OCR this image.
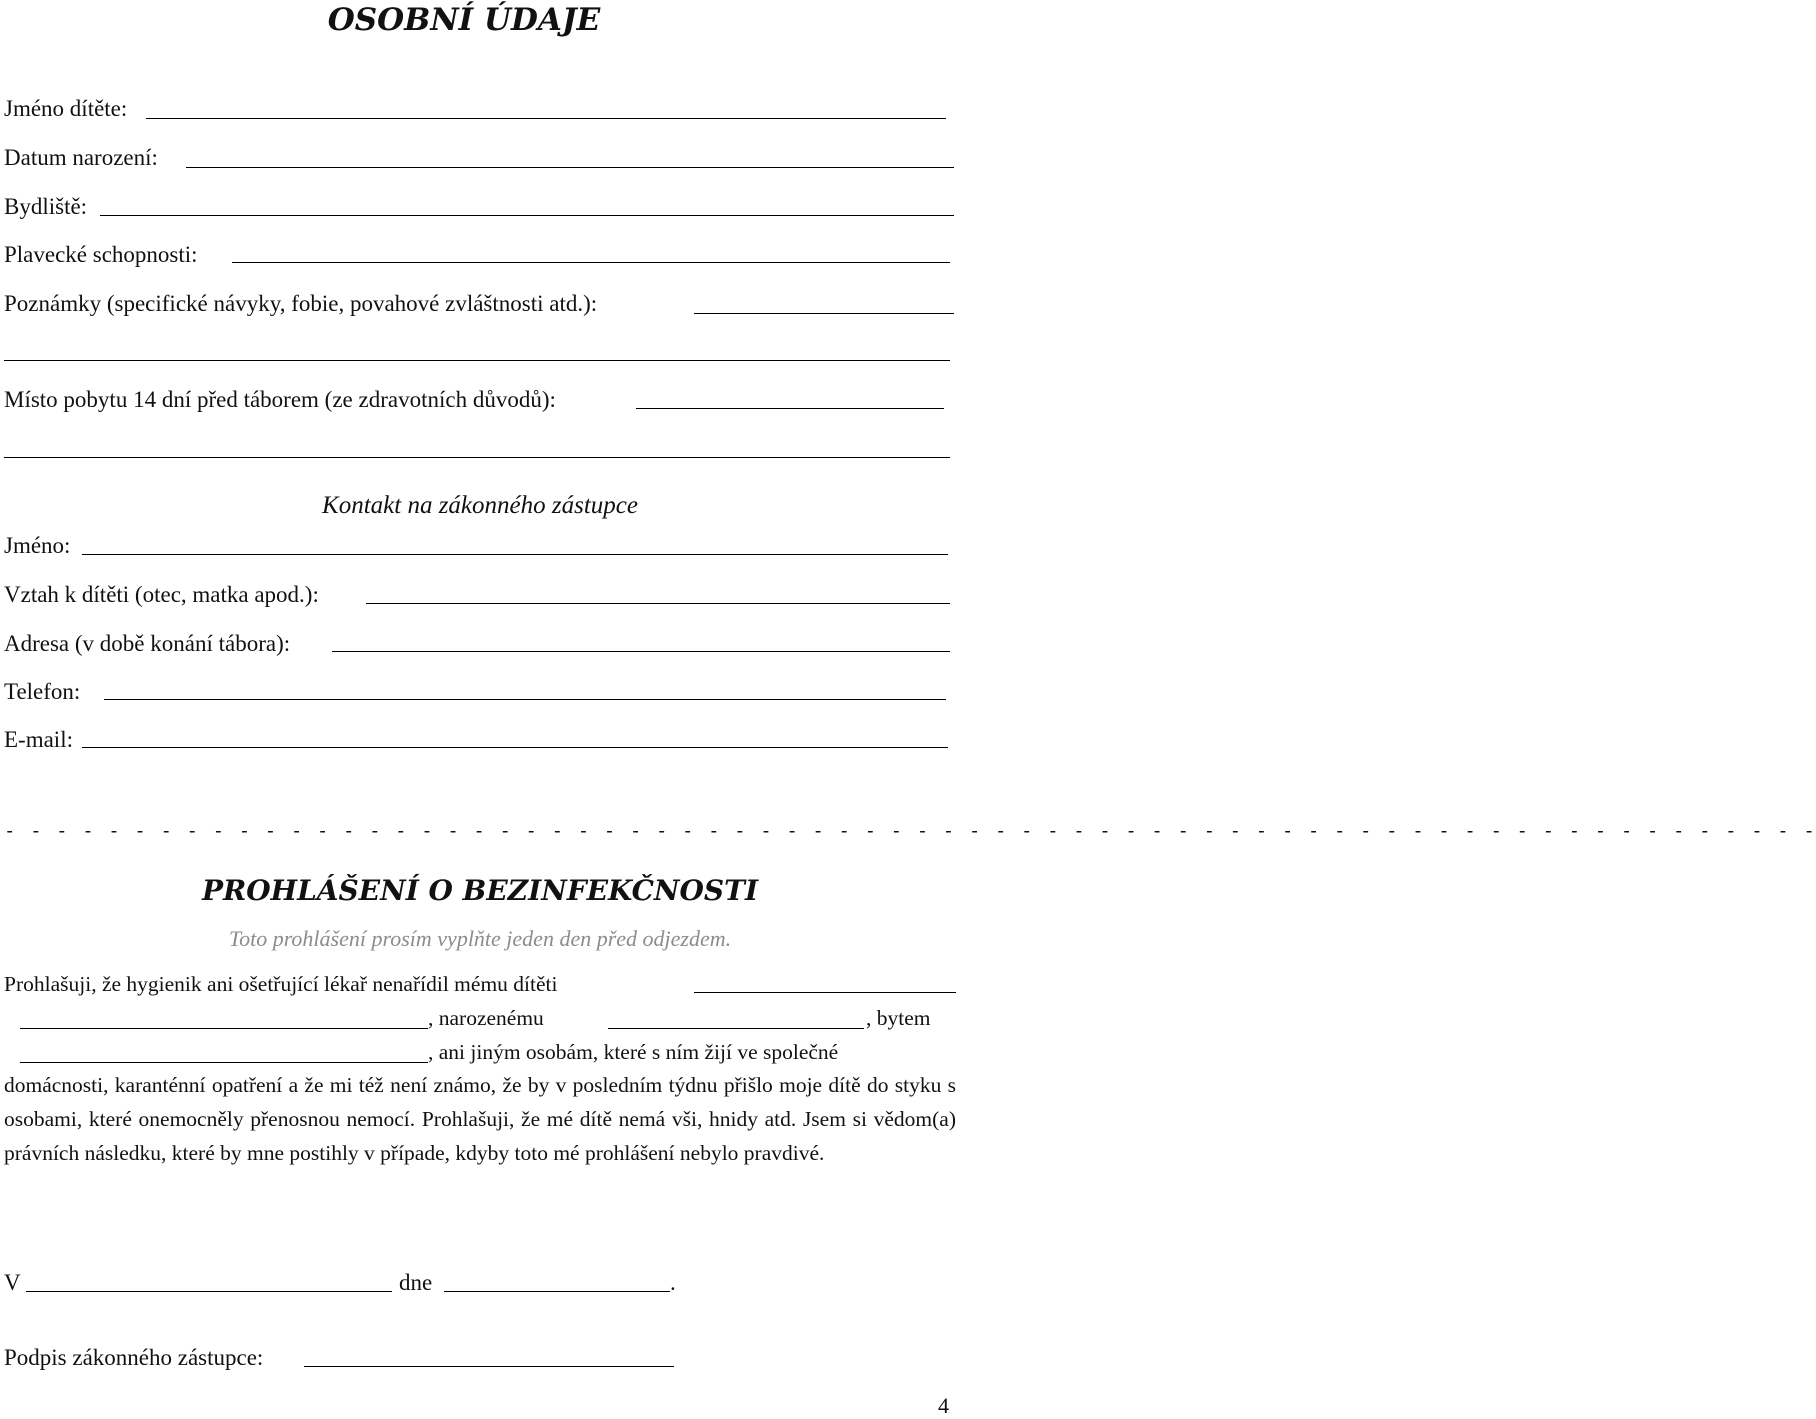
OSOBNÍ ÚDAJE
Jméno dítěte:
Datum narození:
Bydliště:
Plavecké schopnosti:
Poznámky (specifické návyky, fobie, povahové zvláštnosti atd.):
Místo pobytu 14 dní před táborem (ze zdravotních důvodů):
Kontakt na zákonného zástupce
Jméno:
Vztah k dítěti (otec, matka apod.):
Adresa (v době konání tábora):
Telefon:
E-mail:
- - - - - - - - - - - - - - - - - - - - - - - - - - - - - - - - - - - - - - - - - - - - - - - - - - - - - - - - - - - - - - - - - - - - - -
PROHLÁŠENÍ O BEZINFEKČNOSTI
Toto prohlášení prosím vyplňte jeden den před odjezdem.
Prohlašuji, že hygienik ani ošetřující lékař nenařídil mému dítěti
, narozenému	, bytem
, ani jiným osobám, které s ním žijí ve společné
domácnosti, karanténní opatření a že mi též není známo, že by v posledním týdnu přišlo moje dítě do styku s osobami, které onemocněly přenosnou nemocí. Prohlašuji, že mé dítě nemá vši, hnidy atd. Jsem si vědom(a) právních následku, které by mne postihly v případe, kdyby toto mé prohlášení nebylo pravdivé.
V	dne	.
Podpis zákonného zástupce:
4
